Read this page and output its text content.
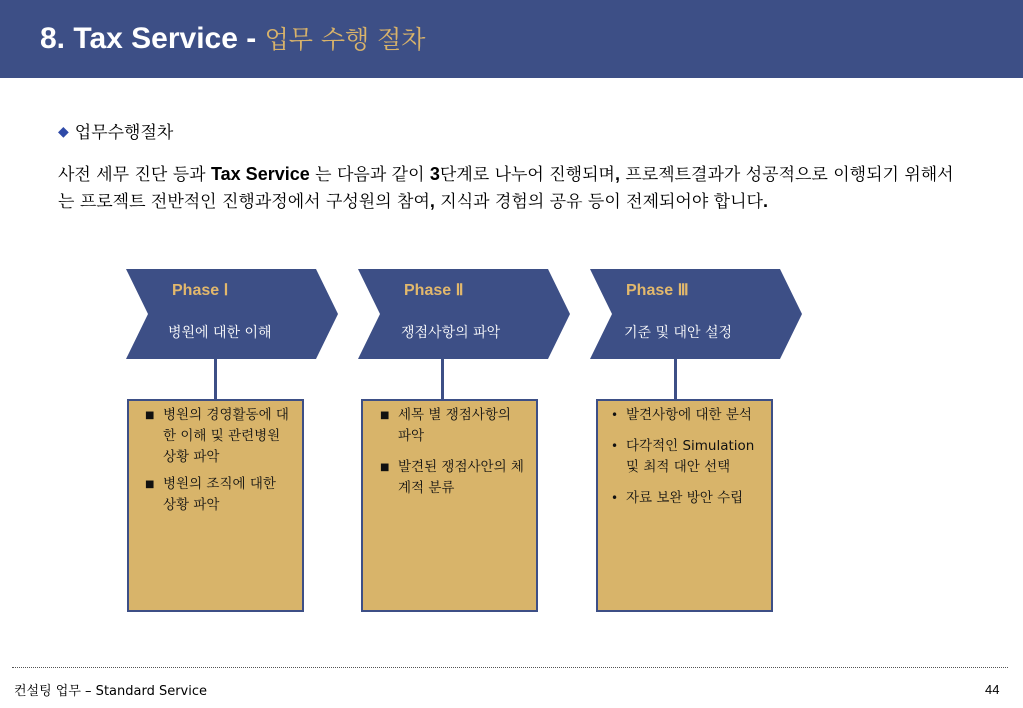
8. Tax Service - 업무 수행 절차
◆ 업무수행절차
사전 세무 진단 등과 Tax Service 는 다음과 같이 3단계로 나누어 진행되며, 프로젝트결과가 성공적으로 이행되기 위해서는 프로젝트 전반적인 진행과정에서 구성원의 참여, 지식과 경험의 공유 등이 전제되어야 합니다.
Phase Ⅰ
병원에 대한 이해
■ 병원의 경영활동에 대한 이해 및 관련병원 상황 파악
■ 병원의 조직에 대한 상황 파악
Phase Ⅱ
쟁점사항의 파악
■ 세목 별 쟁점사항의 파악
■ 발견된 쟁점사안의 체계적 분류
Phase Ⅲ
기준 및 대안 설정
• 발견사항에 대한 분석
• 다각적인 Simulation 및 최적 대안 선택
• 자료 보완 방안 수립
컨설팅 업무 – Standard Service	44
